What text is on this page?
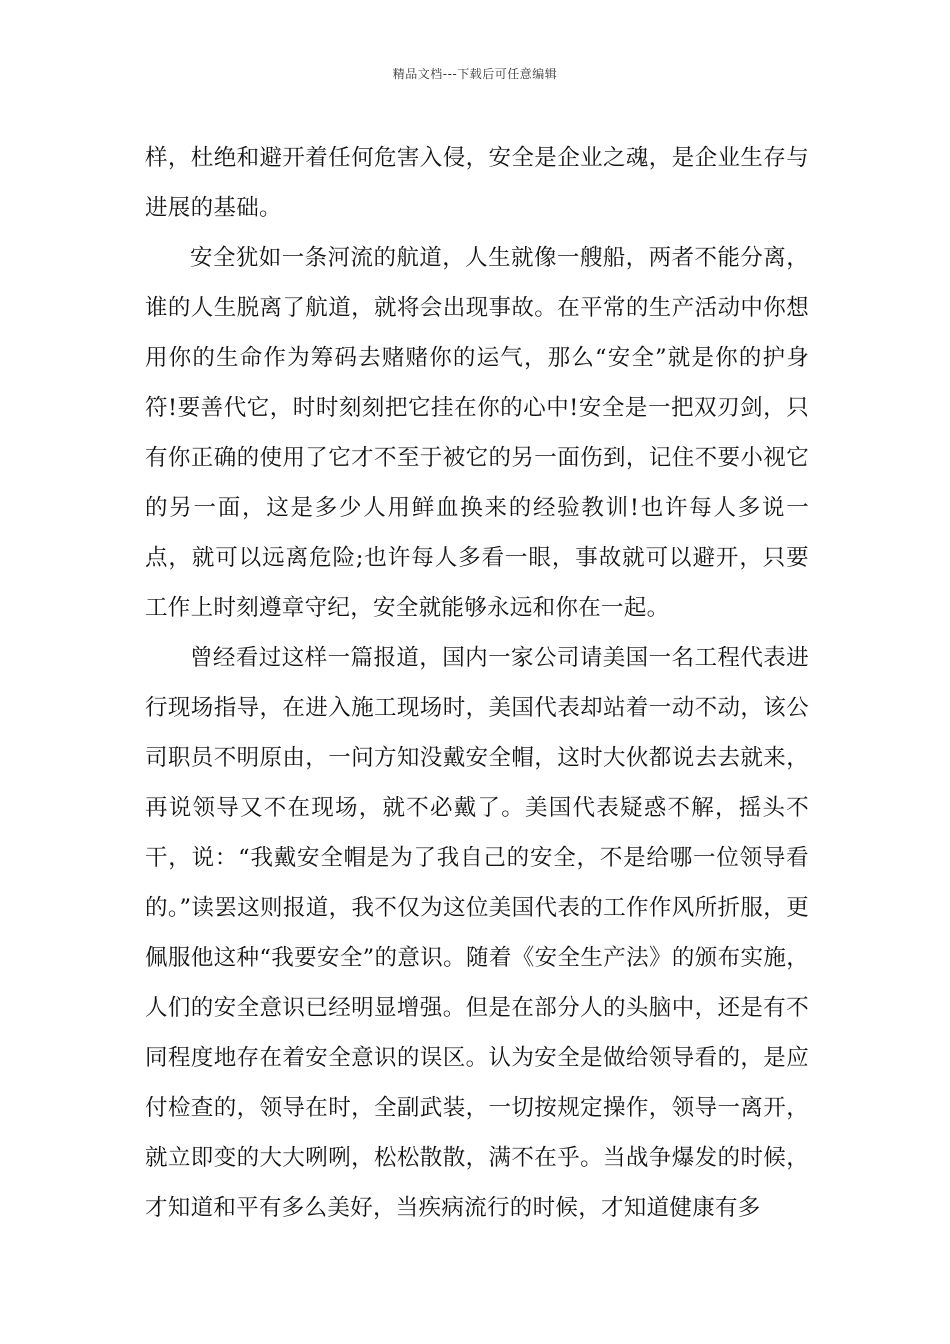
精品文档---下载后可任意编辑

样，杜绝和避开着任何危害入侵，安全是企业之魂，是企业生存与进展的基础。

安全犹如一条河流的航道，人生就像一艘船，两者不能分离，谁的人生脱离了航道，就将会出现事故。在平常的生产活动中你想用你的生命作为筹码去赌赌你的运气，那么“安全”就是你的护身符!要善代它，时时刻刻把它挂在你的心中!安全是一把双刃剑，只有你正确的使用了它才不至于被它的另一面伤到，记住不要小视它的另一面，这是多少人用鲜血换来的经验教训!也许每人多说一点，就可以远离危险;也许每人多看一眼，事故就可以避开，只要工作上时刻遵章守纪，安全就能够永远和你在一起。

曾经看过这样一篇报道，国内一家公司请美国一名工程代表进行现场指导，在进入施工现场时，美国代表却站着一动不动，该公司职员不明原由，一问方知没戴安全帽，这时大伙都说去去就来，再说领导又不在现场，就不必戴了。美国代表疑惑不解，摇头不干，说：“我戴安全帽是为了我自己的安全，不是给哪一位领导看的。”读罢这则报道，我不仅为这位美国代表的工作作风所折服，更佩服他这种“我要安全”的意识。随着《安全生产法》的颁布实施，人们的安全意识已经明显增强。但是在部分人的头脑中，还是有不同程度地存在着安全意识的误区。认为安全是做给领导看的，是应付检查的，领导在时，全副武装，一切按规定操作，领导一离开，就立即变的大大咧咧，松松散散，满不在乎。当战争爆发的时候，才知道和平有多么美好，当疾病流行的时候，才知道健康有多
